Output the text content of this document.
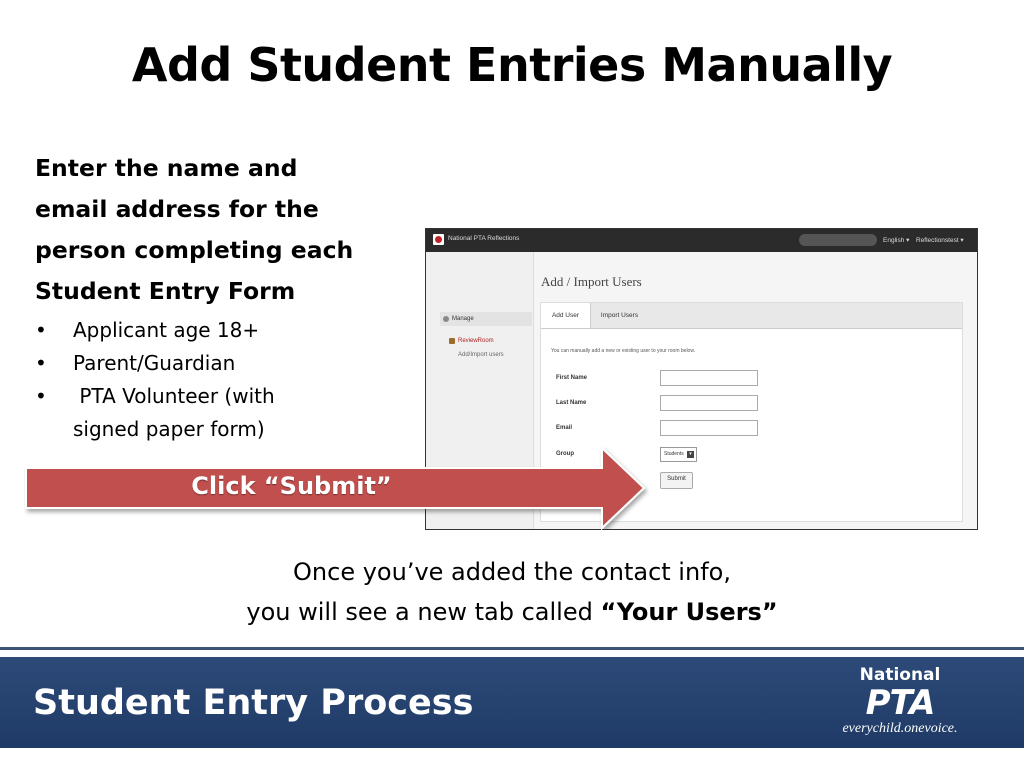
Add Student Entries Manually
Enter the name and
email address for the
person completing each
Student Entry Form
• Applicant age 18+
• Parent/Guardian
• PTA Volunteer (with
signed paper form)
National PTA Reflections	English ▾ Reflectionstest ▾
Manage
ReviewRoom
Add/Import users
Add / Import Users
Add User	Import Users
You can manually add a new or existing user to your room below.
First Name
Last Name
Email
Group	Students	▾
Submit
Click “Submit”
Once you’ve added the contact info,
you will see a new tab called “Your Users”
Student Entry Process
National
PTA
everychild.onevoice.
